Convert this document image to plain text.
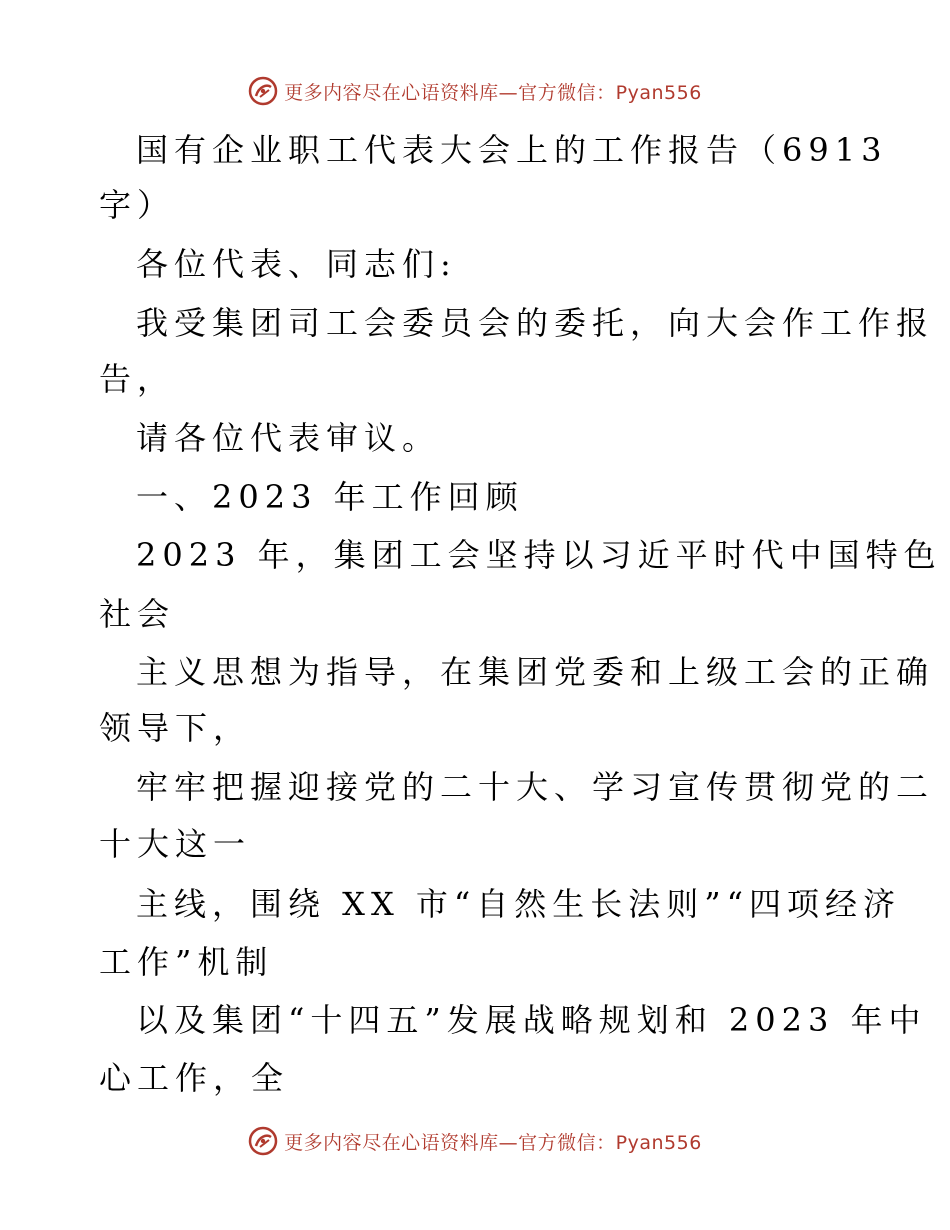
更多内容尽在心语资料库—官方微信：Pyan556
国有企业职工代表大会上的工作报告（6913
字）
各位代表、同志们:
我受集团司工会委员会的委托，向大会作工作报
告，
请各位代表审议。
一、2023 年工作回顾
2023 年，集团工会坚持以习近平时代中国特色
社会
主义思想为指导，在集团党委和上级工会的正确
领导下，
牢牢把握迎接党的二十大、学习宣传贯彻党的二
十大这一
主线，围绕 XX 市“自然生长法则”“四项经济
工作”机制
以及集团“十四五”发展战略规划和 2023 年中
心工作，全
更多内容尽在心语资料库—官方微信：Pyan556
